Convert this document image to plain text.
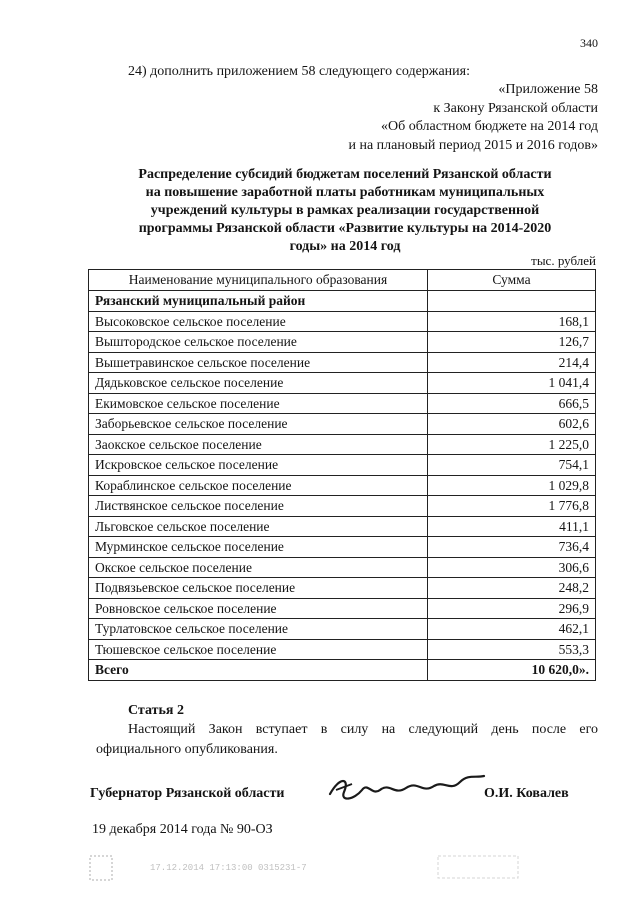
340
24) дополнить приложением 58 следующего содержания:
«Приложение 58
к Закону Рязанской области
«Об областном бюджете на 2014 год
и на плановый период 2015 и 2016 годов»
Распределение субсидий бюджетам поселений Рязанской области
на повышение заработной платы работникам муниципальных
учреждений культуры в рамках реализации государственной
программы Рязанской области «Развитие культуры на 2014-2020
годы» на 2014 год
тыс. рублей
Наименование муниципального образования	Сумма
Рязанский муниципальный район	
Высоковское сельское поселение	168,1
Выштородское сельское поселение	126,7
Вышетравинское сельское поселение	214,4
Дядьковское сельское поселение	1 041,4
Екимовское сельское поселение	666,5
Заборьевское сельское поселение	602,6
Заокское сельское поселение	1 225,0
Искровское сельское поселение	754,1
Кораблинское сельское поселение	1 029,8
Листвянское сельское поселение	1 776,8
Льговское сельское поселение	411,1
Мурминское сельское поселение	736,4
Окское сельское поселение	306,6
Подвязьевское сельское поселение	248,2
Ровновское сельское поселение	296,9
Турлатовское сельское поселение	462,1
Тюшевское сельское поселение	553,3
Всего	10 620,0».
Статья 2
Настоящий Закон вступает в силу на следующий день после его официального опубликования.
Губернатор Рязанской области	О.И. Ковалев
19 декабря 2014 года № 90-ОЗ
17.12.2014 17:13:00 0315231-7
